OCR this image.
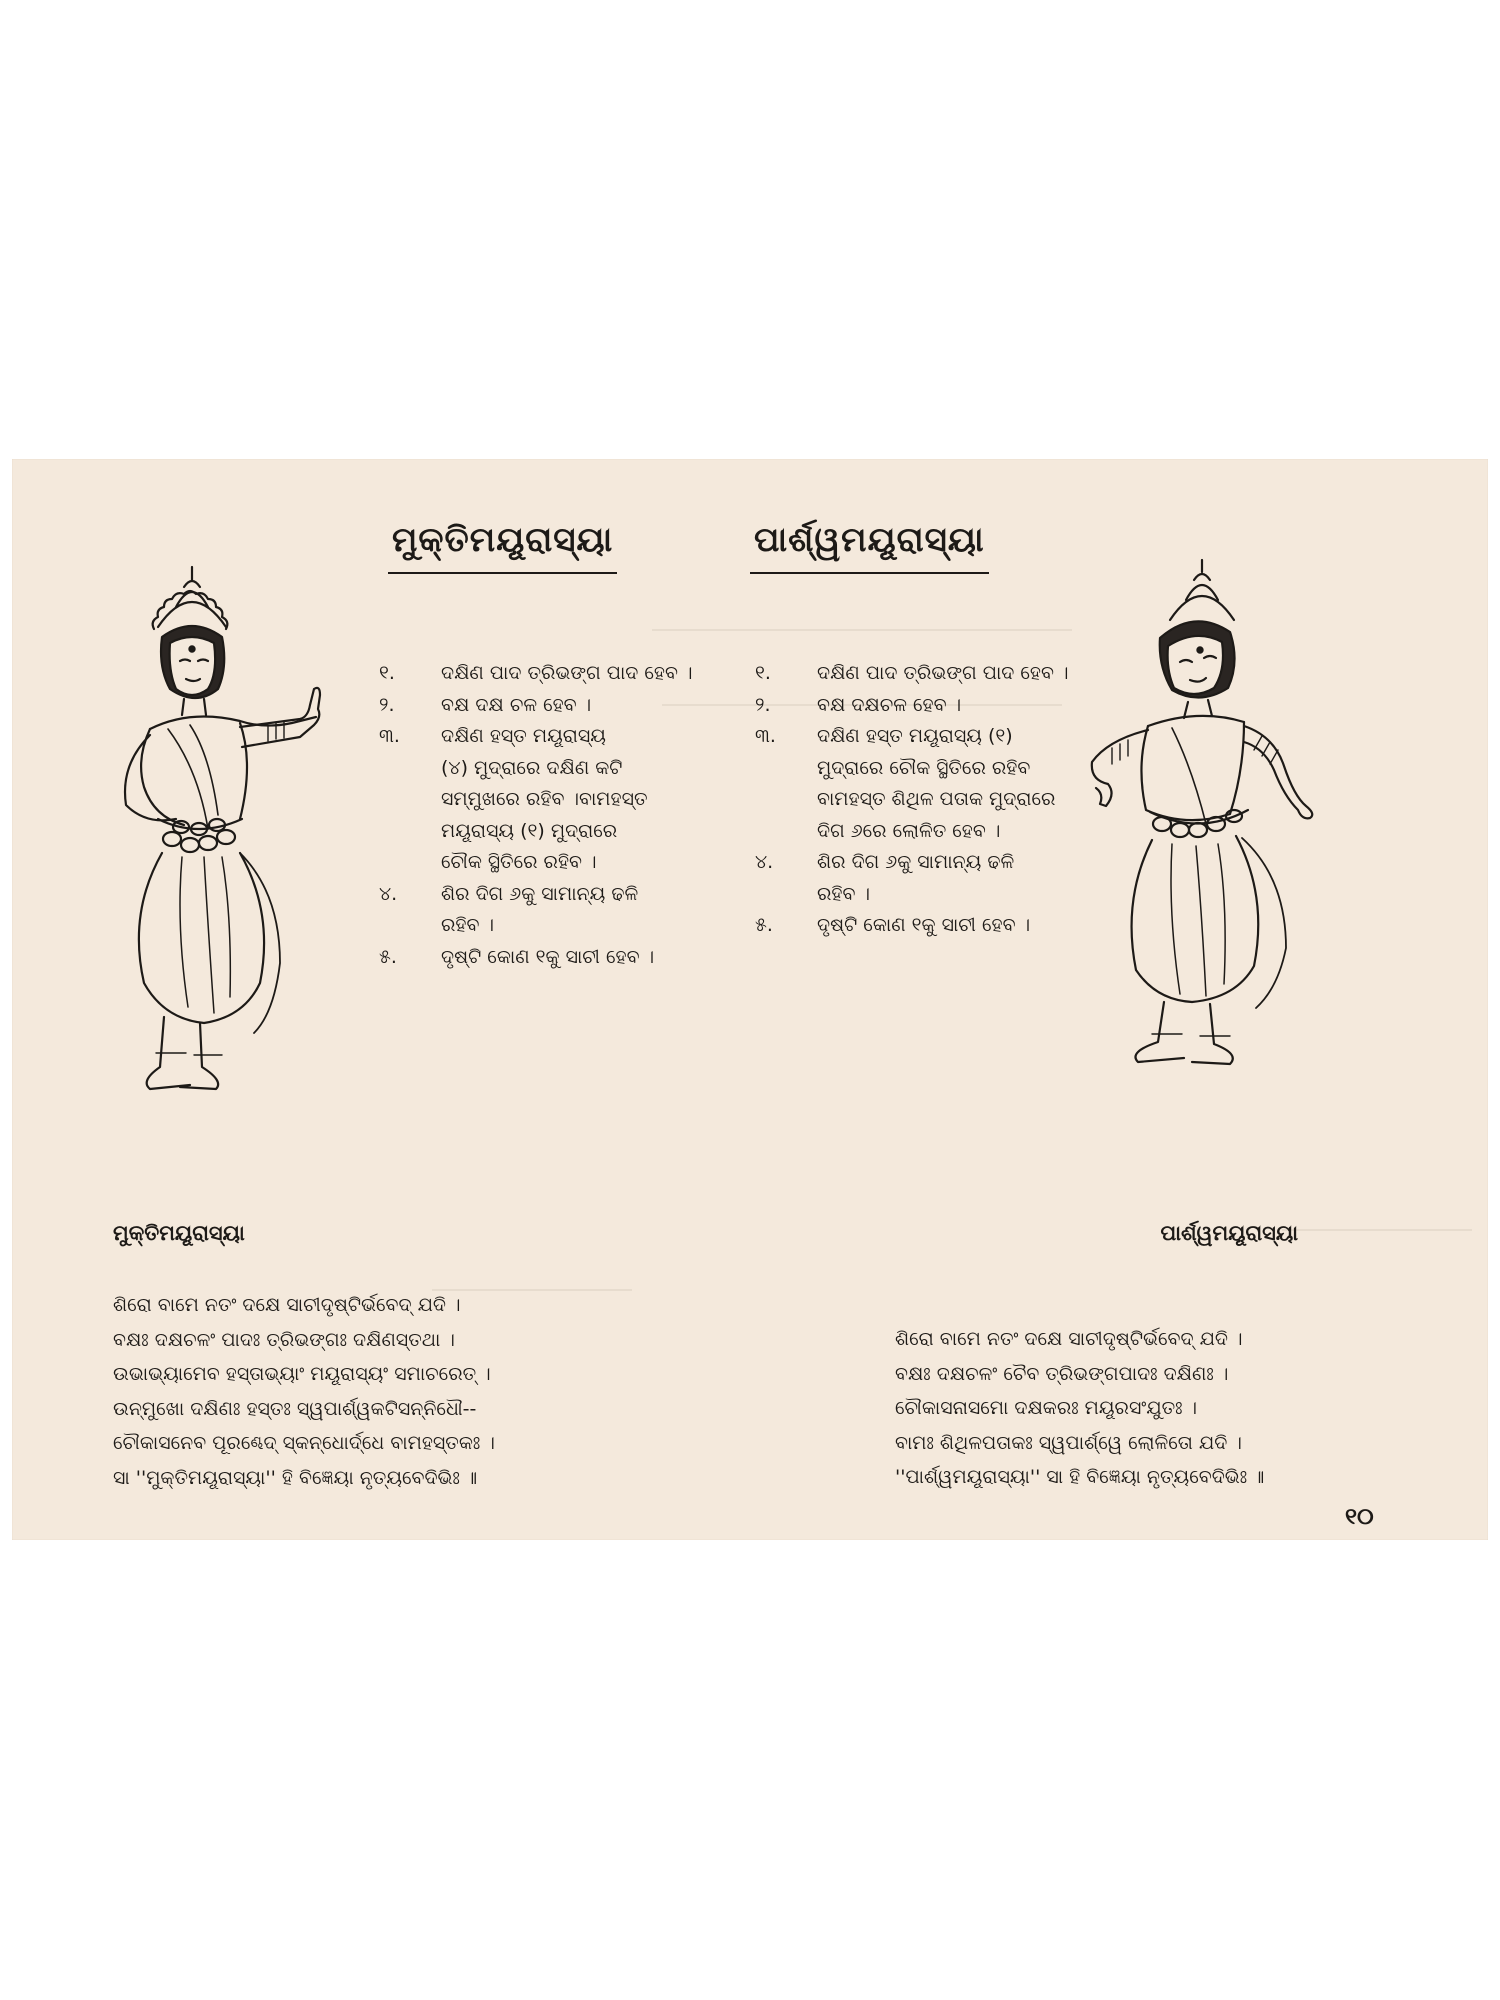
ମୁକ୍ତିମୟୂରାସ୍ୟା	ପାର୍ଶ୍ୱମୟୂରାସ୍ୟା
୧.	ଦକ୍ଷିଣ ପାଦ ତ୍ରିଭଙ୍ଗ ପାଦ ହେବ ।
୨.	ବକ୍ଷ ଦକ୍ଷ ଚଳ ହେବ ।
୩.	ଦକ୍ଷିଣ ହସ୍ତ ମୟୂରାସ୍ୟ
(୪) ମୁଦ୍ରାରେ ଦକ୍ଷିଣ କଟି
ସମ୍ମୁଖରେ ରହିବ ।ବାମହସ୍ତ
ମୟୂରାସ୍ୟ (୧) ମୁଦ୍ରାରେ
ଚୌକ ସ୍ଥିତିରେ ରହିବ ।
୪.	ଶିର ଦିଗ ୬କୁ ସାମାନ୍ୟ ଢଳି
ରହିବ ।
୫.	ଦୃଷ୍ଟି କୋଣ ୧କୁ ସାଚୀ ହେବ ।
୧.	ଦକ୍ଷିଣ ପାଦ ତ୍ରିଭଙ୍ଗ ପାଦ ହେବ ।
୨.	ବକ୍ଷ ଦକ୍ଷଚଳ ହେବ ।
୩.	ଦକ୍ଷିଣ ହସ୍ତ ମୟୂରାସ୍ୟ (୧)
ମୁଦ୍ରାରେ ଚୌକ ସ୍ଥିତିରେ ରହିବ
ବାମହସ୍ତ ଶିଥିଳ ପତାକ ମୁଦ୍ରାରେ
ଦିଗ ୬ରେ ଲୋଳିତ ହେବ ।
୪.	ଶିର ଦିଗ ୬କୁ ସାମାନ୍ୟ ଢଳି
ରହିବ ।
୫.	ଦୃଷ୍ଟି କୋଣ ୧କୁ ସାଚୀ ହେବ ।
ମୁକ୍ତିମୟୂରାସ୍ୟା	ପାର୍ଶ୍ୱମୟୂରାସ୍ୟା
ଶିରୋ ବାମେ ନତଂ ଦକ୍ଷେ ସାଚୀଦୃଷ୍ଟିର୍ଭବେଦ୍ ଯଦି ।
ବକ୍ଷଃ ଦକ୍ଷଚଳଂ ପାଦଃ ତ୍ରିଭଙ୍ଗଃ ଦକ୍ଷିଣସ୍ତଥା ।
ଉଭାଭ୍ୟାମେବ ହସ୍ତାଭ୍ୟାଂ ମୟୂରାସ୍ୟଂ ସମାଚରେତ୍ ।
ଉନ୍ମୁଖୋ ଦକ୍ଷିଣଃ ହସ୍ତଃ ସ୍ୱପାର୍ଶ୍ୱକଟିସନ୍ନିଧୌ--
ଚୌକାସନେବ ପୂରଣ୍ଢେଦ୍ ସ୍କନ୍ଧୋର୍ଦ୍ଧେ ବାମହସ୍ତକଃ ।
ସା ''ମୁକ୍ତିମୟୂରାସ୍ୟା'' ହି ବିଜ୍ଞେୟା ନୃତ୍ୟବେଦିଭିଃ ॥
ଶିରୋ ବାମେ ନତଂ ଦକ୍ଷେ ସାଚୀଦୃଷ୍ଟିର୍ଭବେଦ୍ ଯଦି ।
ବକ୍ଷଃ ଦକ୍ଷଚଳଂ ଚୈବ ତ୍ରିଭଙ୍ଗପାଦଃ ଦକ୍ଷିଣଃ ।
ଚୌକାସନାସମୋ ଦକ୍ଷକରଃ ମୟୂରସଂଯୁତଃ ।
ବାମଃ ଶିଥିଳପତାକଃ ସ୍ୱପାର୍ଶ୍ୱେ ଲୋଳିତୋ ଯଦି ।
''ପାର୍ଶ୍ୱମୟୂରାସ୍ୟା'' ସା ହି ବିଜ୍ଞେୟା ନୃତ୍ୟବେଦିଭିଃ ॥
୧୦
